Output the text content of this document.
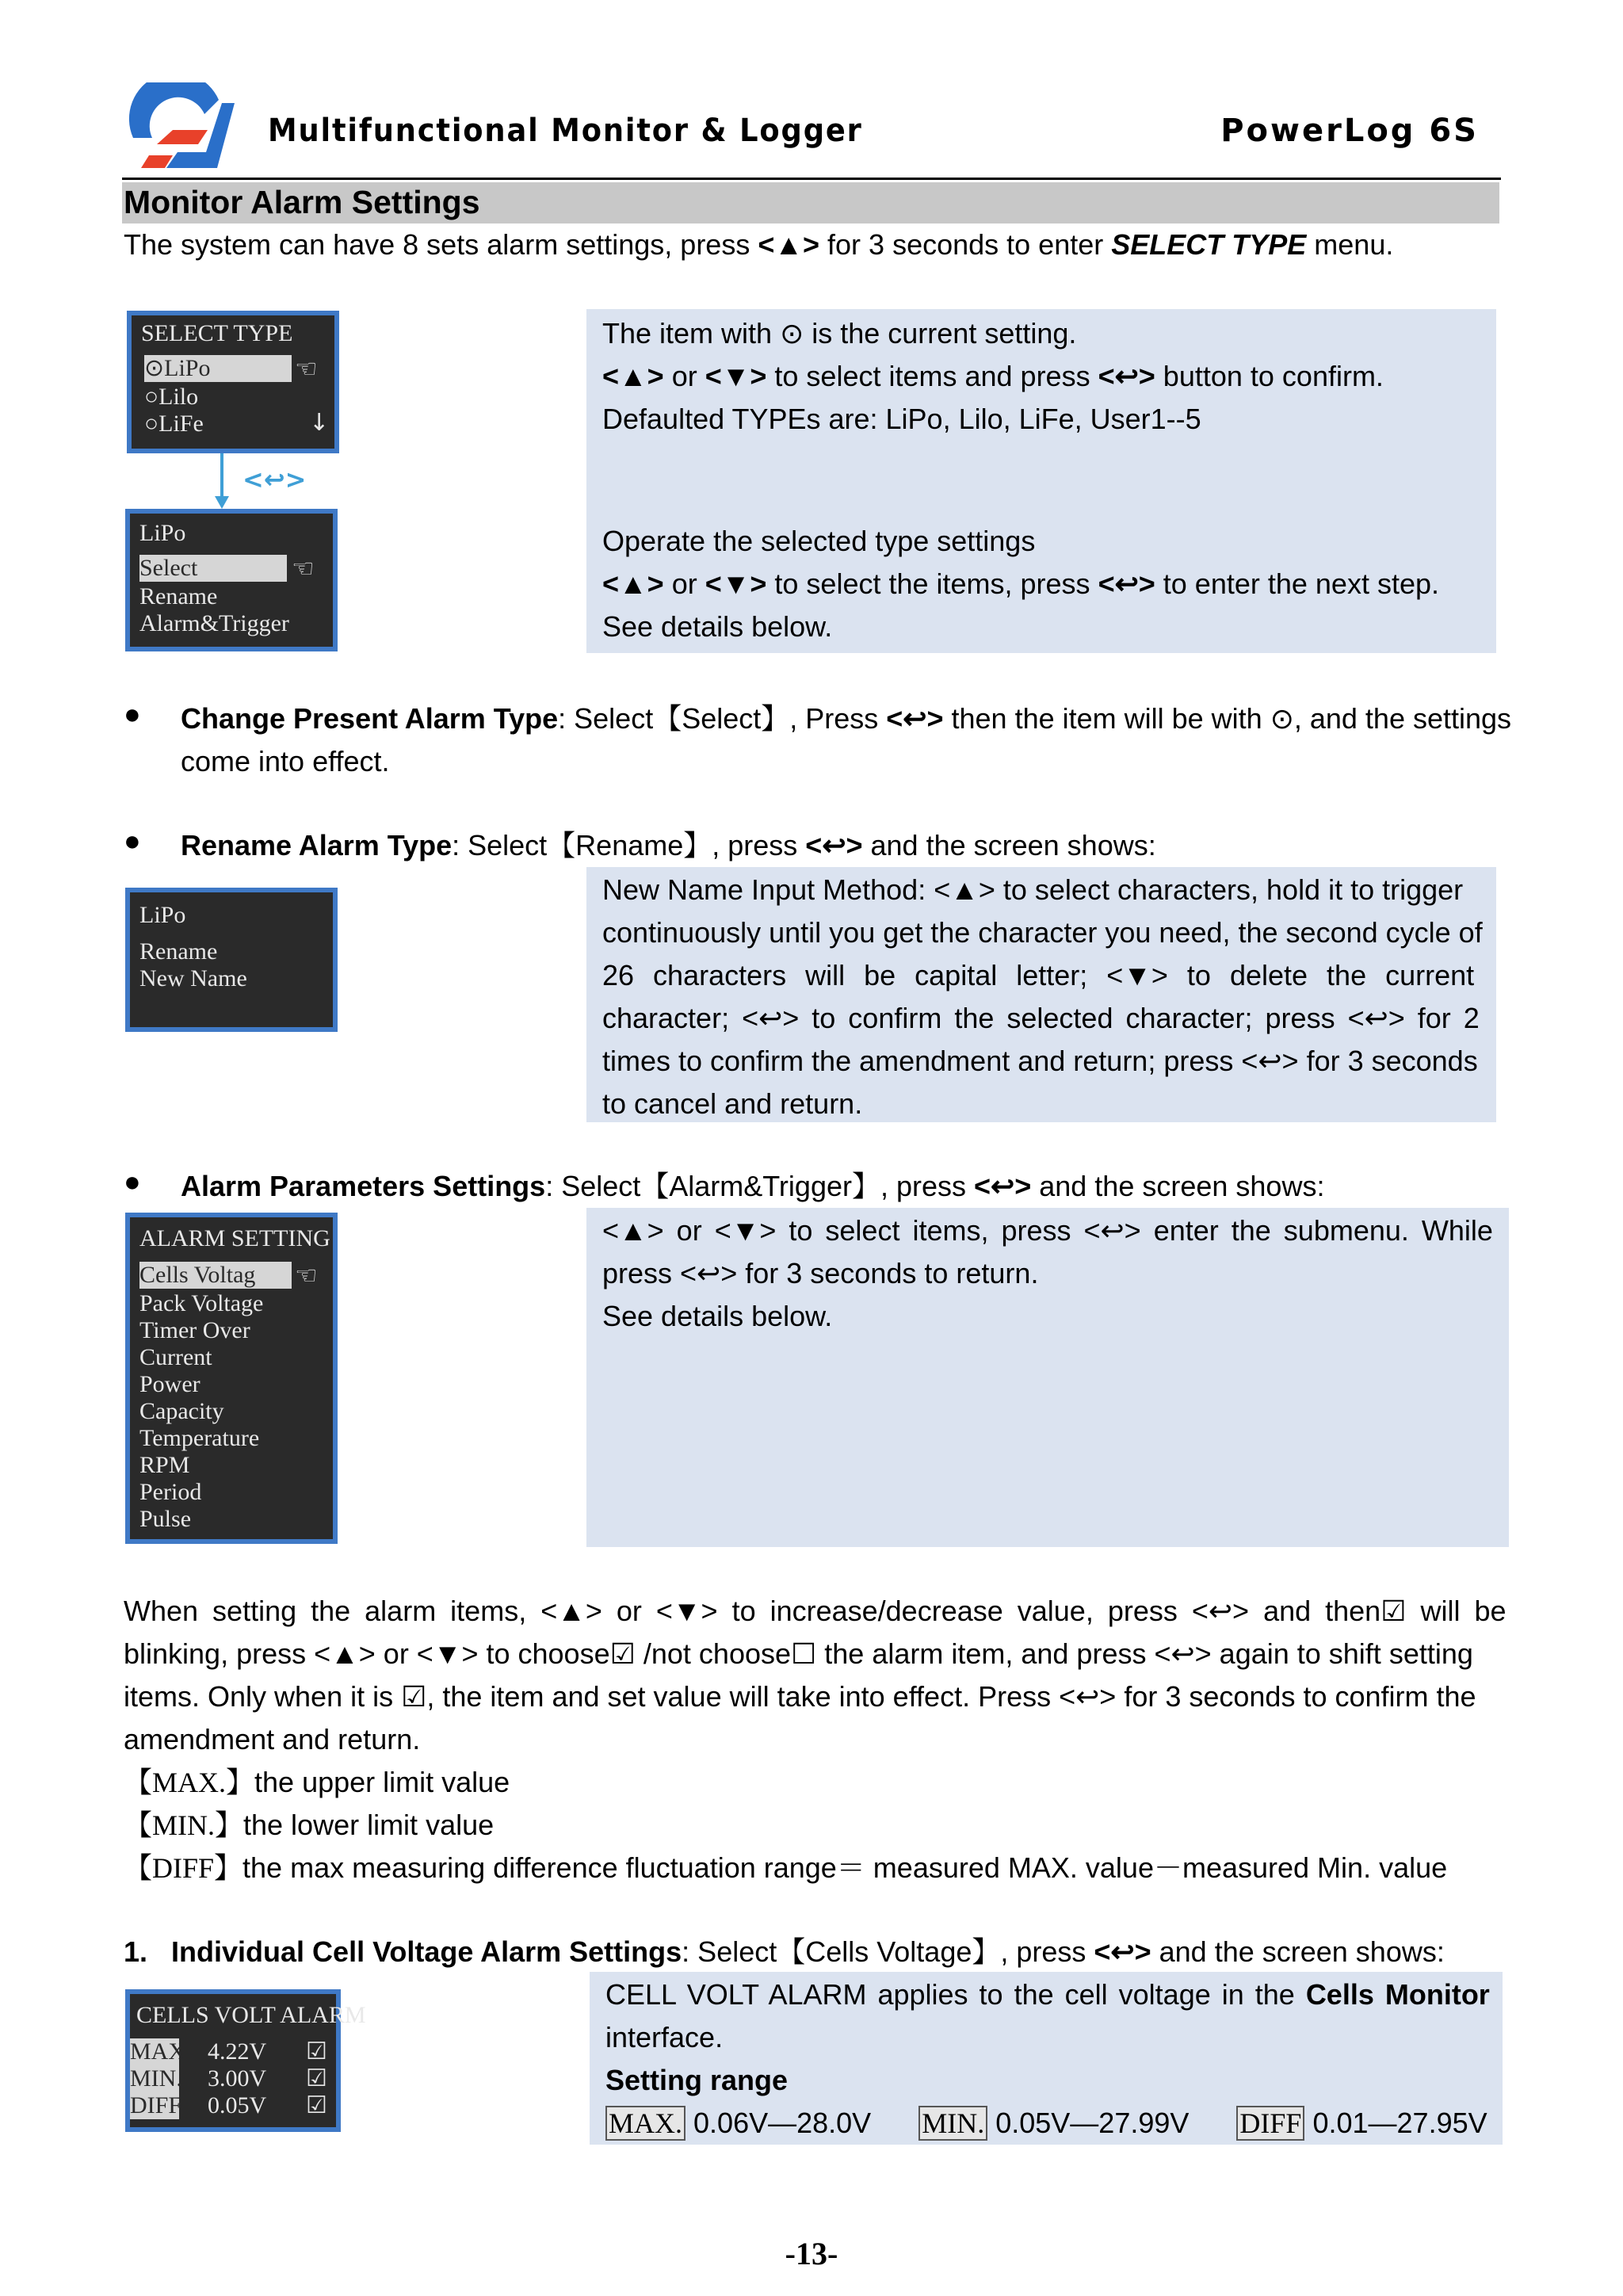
Multifunctional Monitor & Logger	PowerLog 6S
Monitor Alarm Settings
The system can have 8 sets alarm settings, press <▲> for 3 seconds to enter SELECT TYPE menu.
SELECT TYPE
⊙LiPo
○Lilo
○LiFe
☜
↓
<↩>
LiPo
Select
Rename
Alarm&Trigger
☜
The item with ⊙ is the current setting.
<▲> or <▼> to select items and press <↩> button to confirm.
Defaulted TYPEs are: LiPo, Lilo, LiFe, User1--5
Operate the selected type settings
<▲> or <▼> to select the items, press <↩> to enter the next step.
See details below.
● Change Present Alarm Type: Select【Select】, Press <↩> then the item will be with ⊙, and the settings
come into effect.
● Rename Alarm Type: Select【Rename】, press <↩> and the screen shows:
LiPo
Rename
New Name
New Name Input Method: <▲> to select characters, hold it to trigger
continuously until you get the character you need, the second cycle of
26 characters will be capital letter; <▼> to delete the current
character; <↩> to confirm the selected character; press <↩> for 2
times to confirm the amendment and return; press <↩> for 3 seconds
to cancel and return.
● Alarm Parameters Settings: Select【Alarm&Trigger】, press <↩> and the screen shows:
ALARM SETTING
Cells Voltag
Pack Voltage
Timer Over
Current
Power
Capacity
Temperature
RPM
Period
Pulse
☜
<▲> or <▼> to select items, press <↩> enter the submenu. While
press <↩> for 3 seconds to return.
See details below.
When setting the alarm items, <▲> or <▼> to increase/decrease value, press <↩> and then☑ will be
blinking, press <▲> or <▼> to choose☑ /not choose☐ the alarm item, and press <↩> again to shift setting
items. Only when it is ☑, the item and set value will take into effect. Press <↩> for 3 seconds to confirm the
amendment and return.
【MAX.】the upper limit value
【MIN.】the lower limit value
【DIFF】the max measuring difference fluctuation range＝ measured MAX. value－measured Min. value
1. Individual Cell Voltage Alarm Settings: Select【Cells Voltage】, press <↩> and the screen shows:
CELLS VOLT ALARM
MAX. 4.22V ☑
MIN. 3.00V ☑
DIFF 0.05V ☑
CELL VOLT ALARM applies to the cell voltage in the Cells Monitor
interface.
Setting range
MAX. 0.06V—28.0V MIN. 0.05V—27.99V DIFF 0.01—27.95V
-13-
